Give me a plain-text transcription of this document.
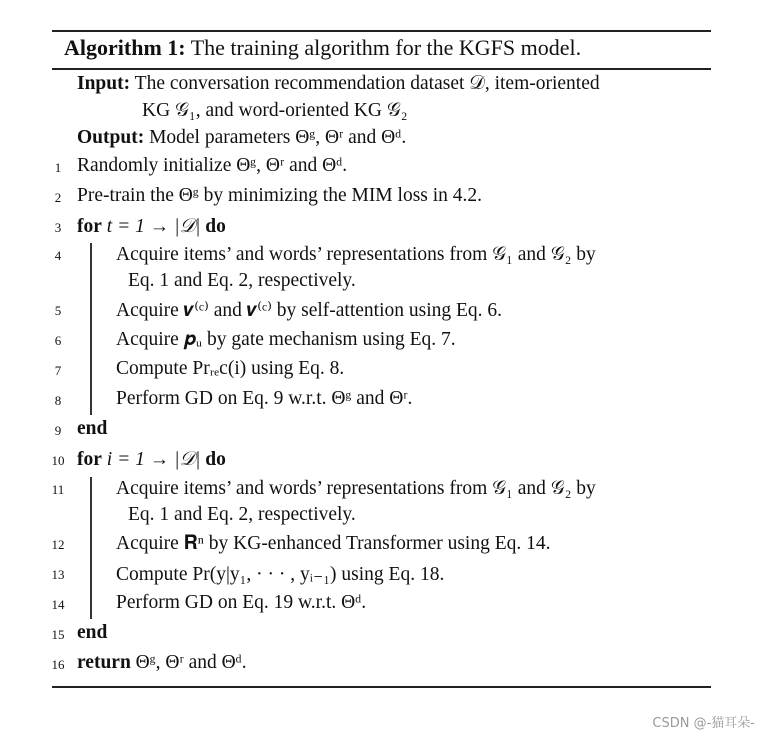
Algorithm 1: The training algorithm for the KGFS model.
Input: The conversation recommendation dataset 𝒟, item-oriented
KG 𝒢₁, and word-oriented KG 𝒢₂
Output: Model parameters Θᵍ, Θʳ and Θᵈ.
1 Randomly initialize Θᵍ, Θʳ and Θᵈ.
2 Pre-train the Θᵍ by minimizing the MIM loss in 4.2.
3 for t = 1 → |𝒟| do
4	Acquire items’ and words’ representations from 𝒢₁ and 𝒢₂ by
Eq. 1 and Eq. 2, respectively.
5	Acquire 𝒗⁽ᶜ⁾ and 𝒗⁽ᶜ⁾ by self-attention using Eq. 6.
6	Acquire 𝒑ᵤ by gate mechanism using Eq. 7.
7	Compute Prᵣₑc(i) using Eq. 8.
8	Perform GD on Eq. 9 w.r.t. Θᵍ and Θʳ.
9 end
10 for i = 1 → |𝒟| do
11	Acquire items’ and words’ representations from 𝒢₁ and 𝒢₂ by
Eq. 1 and Eq. 2, respectively.
12	Acquire 𝐑ⁿ by KG-enhanced Transformer using Eq. 14.
13	Compute Pr(y|y₁, · · · , yᵢ₋₁) using Eq. 18.
14	Perform GD on Eq. 19 w.r.t. Θᵈ.
15 end
16 return Θᵍ, Θʳ and Θᵈ.
CSDN @-猫耳朵-
